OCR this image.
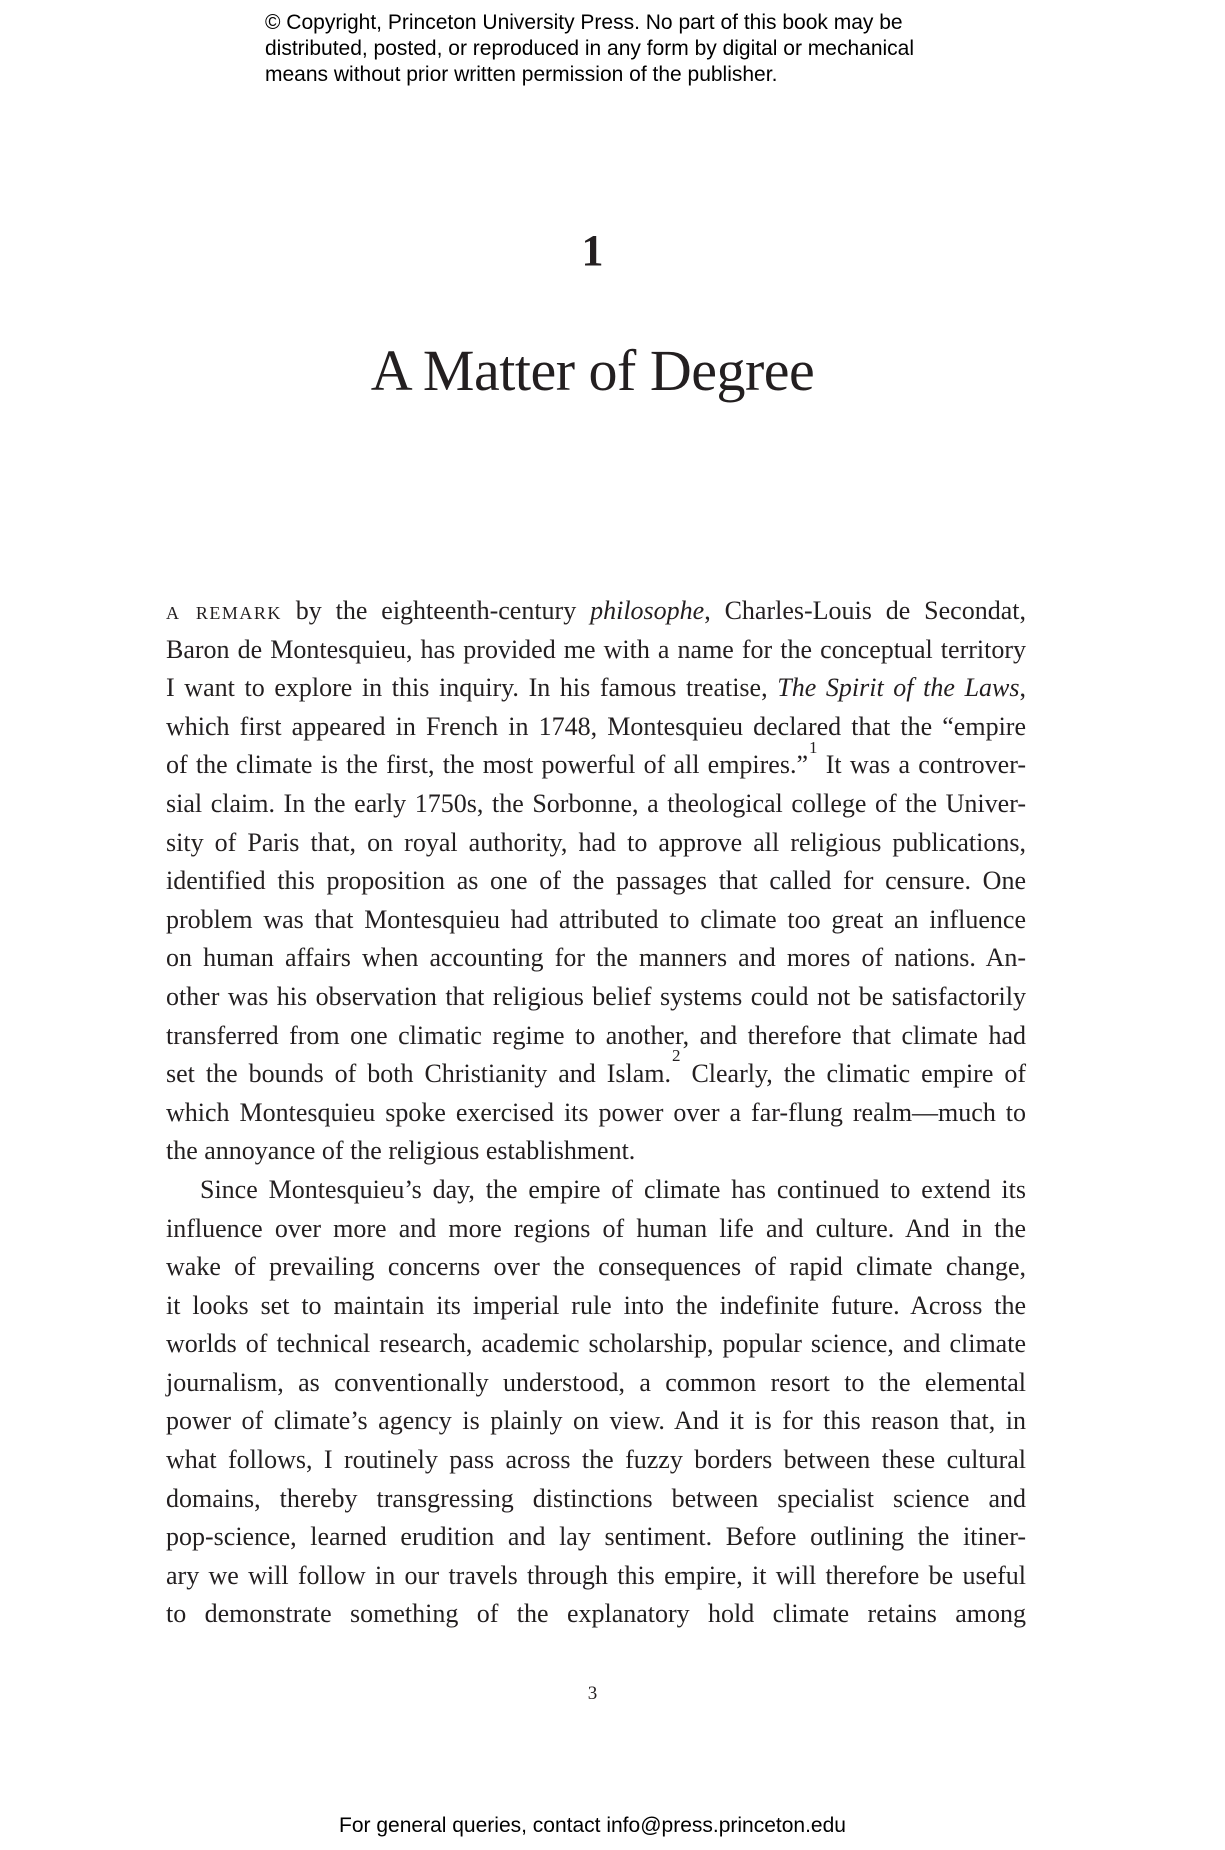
© Copyright, Princeton University Press. No part of this book may be
distributed, posted, or reproduced in any form by digital or mechanical
means without prior written permission of the publisher.
1
A Matter of Degree
a remark by the eighteenth-century philosophe, Charles-Louis de Secondat,
Baron de Montesquieu, has provided me with a name for the conceptual territory
I want to explore in this inquiry. In his famous treatise, The Spirit of the Laws,
which first appeared in French in 1748, Montesquieu declared that the “empire
of the climate is the first, the most powerful of all empires.”$^1$ It was a controver-
sial claim. In the early 1750s, the Sorbonne, a theological college of the Univer-
sity of Paris that, on royal authority, had to approve all religious publications,
identified this proposition as one of the passages that called for censure. One
problem was that Montesquieu had attributed to climate too great an influence
on human affairs when accounting for the manners and mores of nations. An-
other was his observation that religious belief systems could not be satisfactorily
transferred from one climatic regime to another, and therefore that climate had
set the bounds of both Christianity and Islam.$^2$ Clearly, the climatic empire of
which Montesquieu spoke exercised its power over a far-flung realm—much to
the annoyance of the religious establishment.
Since Montesquieu’s day, the empire of climate has continued to extend its
influence over more and more regions of human life and culture. And in the
wake of prevailing concerns over the consequences of rapid climate change,
it looks set to maintain its imperial rule into the indefinite future. Across the
worlds of technical research, academic scholarship, popular science, and climate
journalism, as conventionally understood, a common resort to the elemental
power of climate’s agency is plainly on view. And it is for this reason that, in
what follows, I routinely pass across the fuzzy borders between these cultural
domains, thereby transgressing distinctions between specialist science and
pop-science, learned erudition and lay sentiment. Before outlining the itiner-
ary we will follow in our travels through this empire, it will therefore be useful
to demonstrate something of the explanatory hold climate retains among
3
For general queries, contact info@press.princeton.edu
